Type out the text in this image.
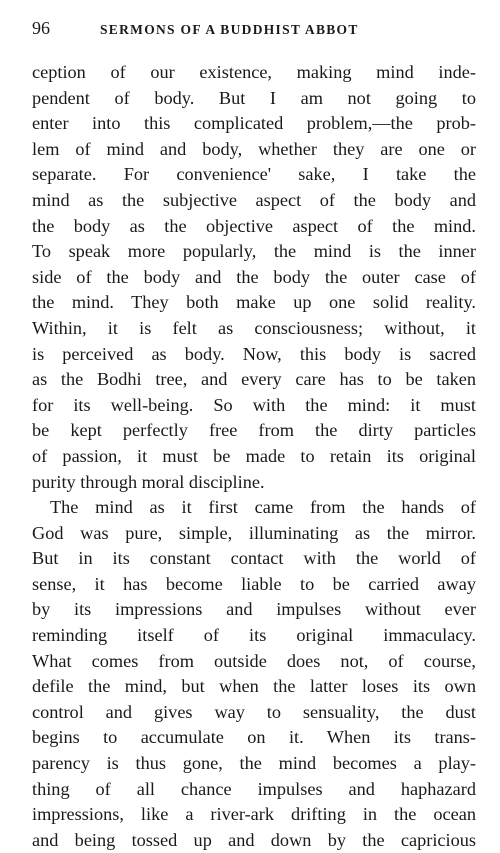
96	SERMONS OF A BUDDHIST ABBOT
ception of our existence, making mind inde-
pendent of body. But I am not going to
enter into this complicated problem,—the prob-
lem of mind and body, whether they are one or
separate. For convenience' sake, I take the
mind as the subjective aspect of the body and
the body as the objective aspect of the mind.
To speak more popularly, the mind is the inner
side of the body and the body the outer case of
the mind. They both make up one solid reality.
Within, it is felt as consciousness; without, it
is perceived as body. Now, this body is sacred
as the Bodhi tree, and every care has to be taken
for its well-being. So with the mind: it must
be kept perfectly free from the dirty particles
of passion, it must be made to retain its original
purity through moral discipline.
The mind as it first came from the hands of
God was pure, simple, illuminating as the mirror.
But in its constant contact with the world of
sense, it has become liable to be carried away
by its impressions and impulses without ever
reminding itself of its original immaculacy.
What comes from outside does not, of course,
defile the mind, but when the latter loses its own
control and gives way to sensuality, the dust
begins to accumulate on it. When its trans-
parency is thus gone, the mind becomes a play-
thing of all chance impulses and haphazard
impressions, like a river-ark drifting in the ocean
and being tossed up and down by the capricious
